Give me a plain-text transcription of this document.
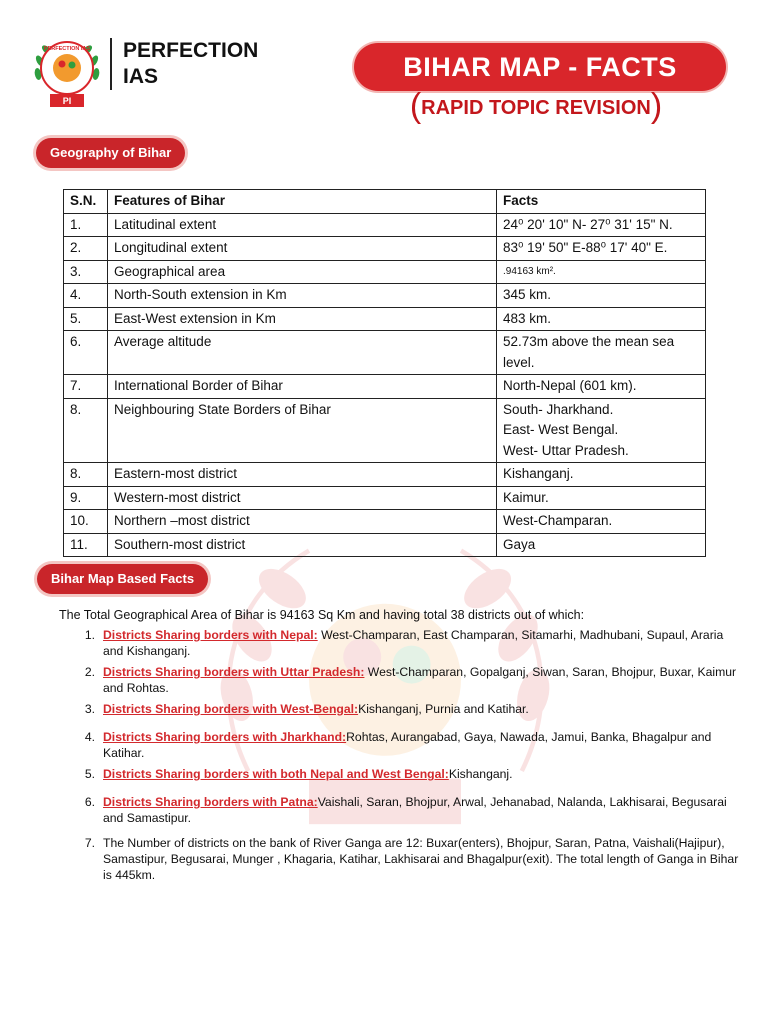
PERFECTION IAS
PI
PERFECTION
IAS	BIHAR MAP - FACTS
(RAPID TOPIC REVISION)
Geography of Bihar
S.N.	Features of Bihar	Facts
1.	Latitudinal extent	24⁰ 20' 10" N- 27⁰ 31' 15" N.
2.	Longitudinal extent	83⁰ 19' 50" E-88⁰ 17' 40" E.
3.	Geographical area	.94163 km².
4.	North-South extension in Km	345 km.
5.	East-West extension in Km	483 km.
6.	Average altitude	52.73m above the mean sea level.
7.	International Border of Bihar	North-Nepal (601 km).
8.	Neighbouring State Borders of Bihar	South- Jharkhand.
East- West Bengal.
West- Uttar Pradesh.

8.	Eastern-most district	Kishanganj.
9.	Western-most district	Kaimur.
10.	Northern –most district	West-Champaran.
11.	Southern-most district	Gaya
Bihar Map Based Facts
The Total Geographical Area of Bihar is 94163 Sq Km and having total 38 districts out of which:
1. Districts Sharing borders with Nepal: West-Champaran, East Champaran, Sitamarhi, Madhubani, Supaul, Araria and Kishanganj.
2. Districts Sharing borders with Uttar Pradesh: West-Champaran, Gopalganj, Siwan, Saran, Bhojpur, Buxar, Kaimur and Rohtas.
3. Districts Sharing borders with West-Bengal:Kishanganj, Purnia and Katihar.
4. Districts Sharing borders with Jharkhand:Rohtas, Aurangabad, Gaya, Nawada, Jamui, Banka, Bhagalpur and Katihar.
5. Districts Sharing borders with both Nepal and West Bengal:Kishanganj.
6. Districts Sharing borders with Patna:Vaishali, Saran, Bhojpur, Arwal, Jehanabad, Nalanda, Lakhisarai, Begusarai and Samastipur.
7. The Number of districts on the bank of River Ganga are 12: Buxar(enters), Bhojpur, Saran, Patna, Vaishali(Hajipur), Samastipur, Begusarai, Munger , Khagaria, Katihar, Lakhisarai and Bhagalpur(exit). The total length of Ganga in Bihar is 445km.
